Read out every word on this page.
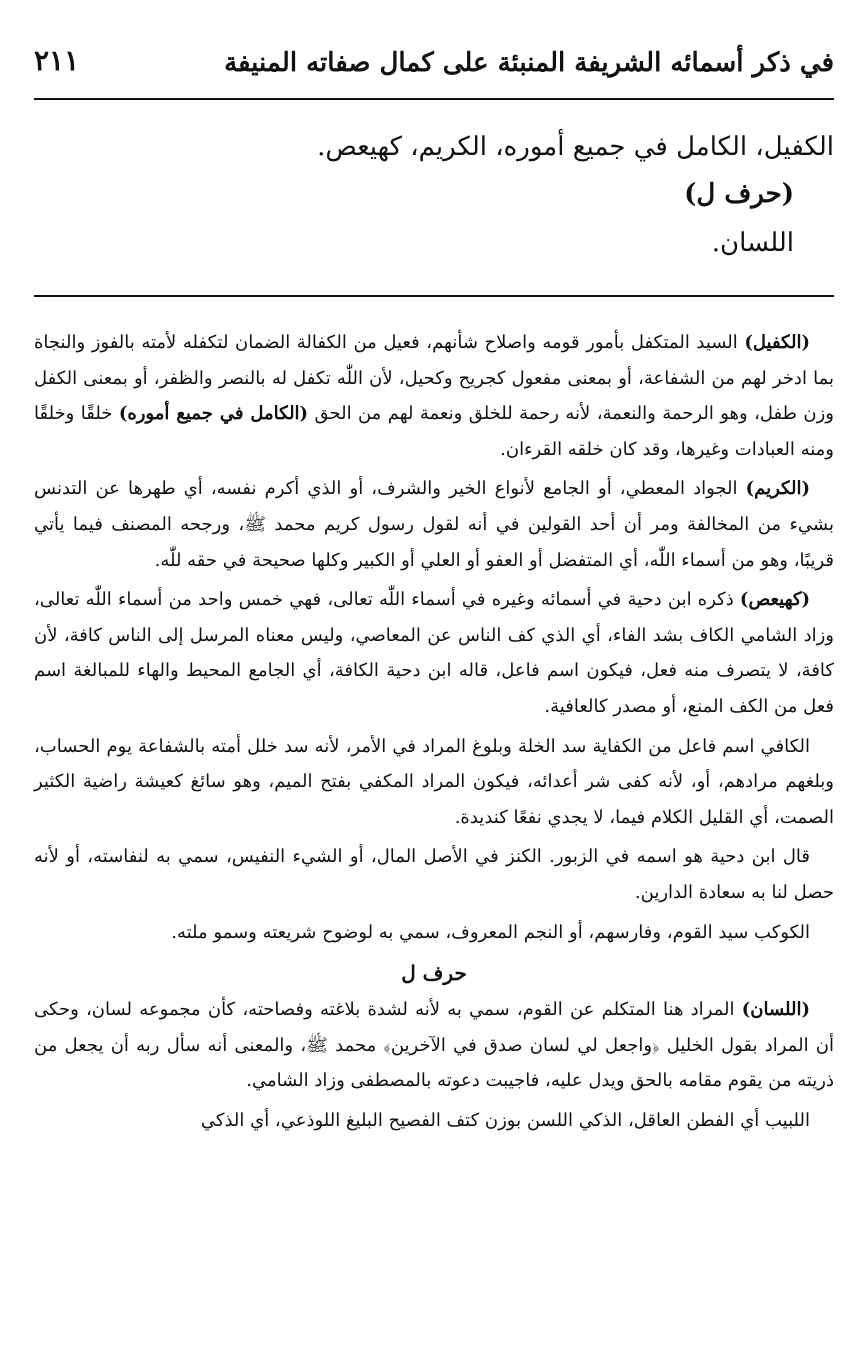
في ذكر أسمائه الشريفة المنبئة على كمال صفاته المنيفة
٢١١

الكفيل، الكامل في جميع أموره، الكريم، كهيعص.

(حرف ل)

اللسان.

(الكفيل) السيد المتكفل بأمور قومه واصلاح شأنهم، فعيل من الكفالة الضمان لتكفله لأمته بالفوز والنجاة بما ادخر لهم من الشفاعة، أو بمعنى مفعول كجريح وكحيل، لأن اللّٰه تكفل له بالنصر والظفر، أو بمعنى الكفل وزن طفل، وهو الرحمة والنعمة، لأنه رحمة للخلق ونعمة لهم من الحق (الكامل في جميع أموره) خلقًا وخلقًا ومنه العبادات وغيرها، وقد كان خلقه القرءان.

(الكريم) الجواد المعطي، أو الجامع لأنواع الخير والشرف، أو الذي أكرم نفسه، أي طهرها عن التدنس بشيء من المخالفة ومر أن أحد القولين في أنه لقول رسول كريم محمد ﷺ، ورجحه المصنف فيما يأتي قريبًا، وهو من أسماء اللّٰه، أي المتفضل أو العفو أو العلي أو الكبير وكلها صحيحة في حقه للّٰه.

(كهيعص) ذكره ابن دحية في أسمائه وغيره في أسماء اللّٰه تعالى، فهي خمس واحد من أسماء اللّٰه تعالى، وزاد الشامي الكاف بشد الفاء، أي الذي كف الناس عن المعاصي، وليس معناه المرسل إلى الناس كافة، لأن كافة، لا يتصرف منه فعل، فيكون اسم فاعل، قاله ابن دحية الكافة، أي الجامع المحيط والهاء للمبالغة اسم فعل من الكف المنع، أو مصدر كالعافية.

الكافي اسم فاعل من الكفاية سد الخلة وبلوغ المراد في الأمر، لأنه سد خلل أمته بالشفاعة يوم الحساب، وبلغهم مرادهم، أو، لأنه كفى شر أعدائه، فيكون المراد المكفي بفتح الميم، وهو سائغ كعيشة راضية الكثير الصمت، أي القليل الكلام فيما، لا يجدي نفعًا كنديدة.

قال ابن دحية هو اسمه في الزبور. الكنز في الأصل المال، أو الشيء النفيس، سمي به لنفاسته، أو لأنه حصل لنا به سعادة الدارين.

الكوكب سيد القوم، وفارسهم، أو النجم المعروف، سمي به لوضوح شريعته وسمو ملته.

حرف ل

(اللسان) المراد هنا المتكلم عن القوم، سمي به لأنه لشدة بلاغته وفصاحته، كأن مجموعه لسان، وحكى أن المراد بقول الخليل ﴿واجعل لي لسان صدق في الآخرين﴾ محمد ﷺ، والمعنى أنه سأل ربه أن يجعل من ذريته من يقوم مقامه بالحق ويدل عليه، فاجيبت دعوته بالمصطفى وزاد الشامي.

اللبيب أي الفطن العاقل، الذكي اللسن بوزن كتف الفصيح البليغ اللوذعي، أي الذكي
